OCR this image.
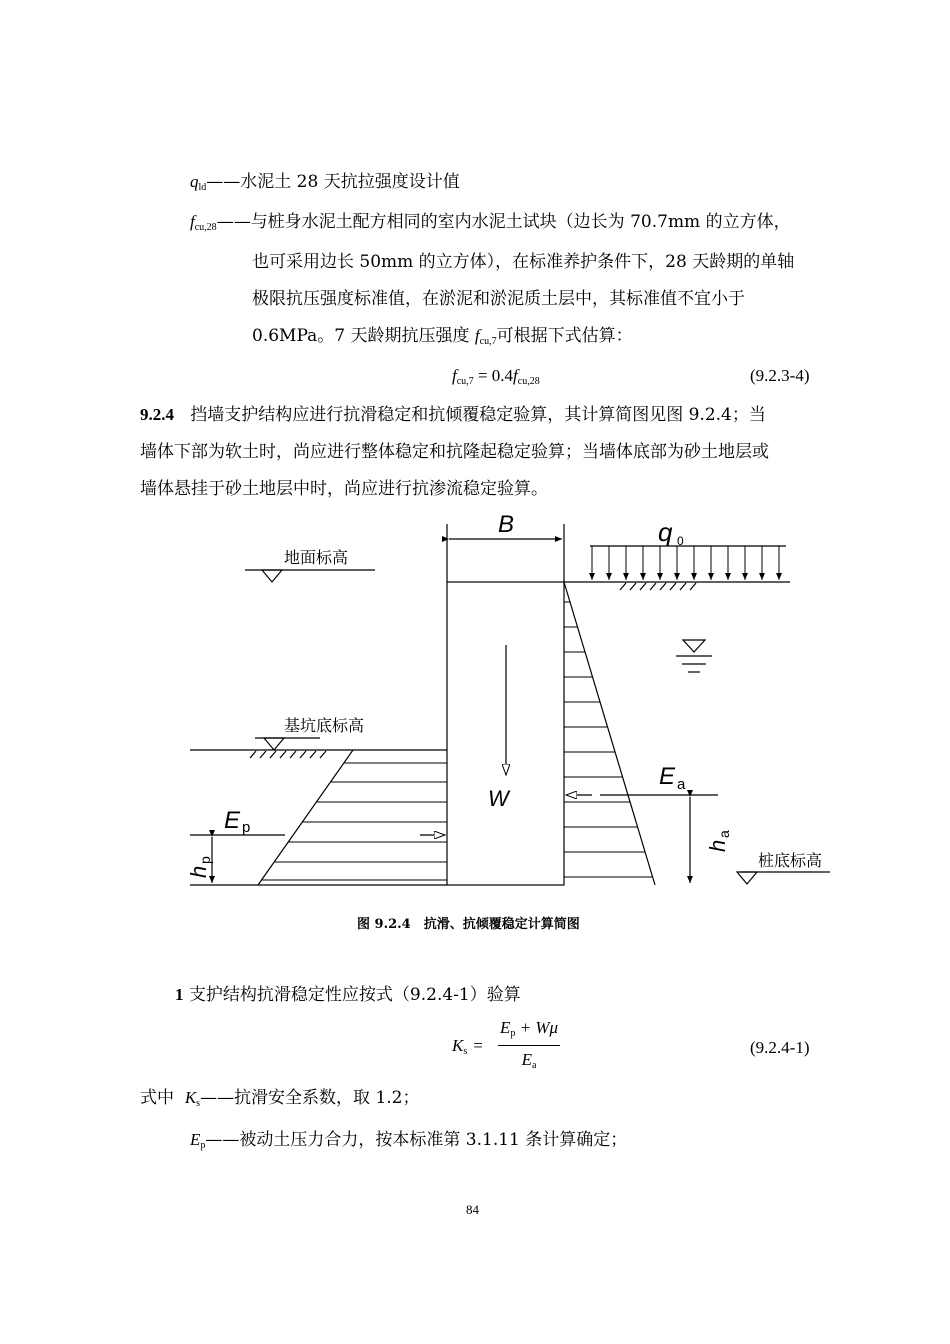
$q_{ld}——$水泥土 28 天抗拉强度设计值
$f_{cu,28}——$与桩身水泥土配方相同的室内水泥土试块（边长为 70.7mm 的立方体，
也可采用边长 50mm 的立方体），在标准养护条件下，28 天龄期的单轴
极限抗压强度标准值，在淤泥和淤泥质土层中，其标准值不宜小于
0.6MPa。7 天龄期抗压强度 $f_{cu,7}$可根据下式估算：
$f_{cu,7} = 0.4f_{cu,28}$	(9.2.3-4)
9.2.4 挡墙支护结构应进行抗滑稳定和抗倾覆稳定验算，其计算简图见图 9.2.4；当
墙体下部为软土时，尚应进行整体稳定和抗隆起稳定验算；当墙体底部为砂土地层或
墙体悬挂于砂土地层中时，尚应进行抗渗流稳定验算。
B	q 0
地面标高
基坑底标高
桩底标高
W
E a
E p
h
a
h
p
图 9.2.4　抗滑、抗倾覆稳定计算简图
1 支护结构抗滑稳定性应按式（9.2.4-1）验算
$K_s$ =
$E_p + W\mu$
$E_a$
(9.2.4-1)
式中 $K_s——$抗滑安全系数，取 1.2；
$E_p——$被动土压力合力，按本标准第 3.1.11 条计算确定；
84
